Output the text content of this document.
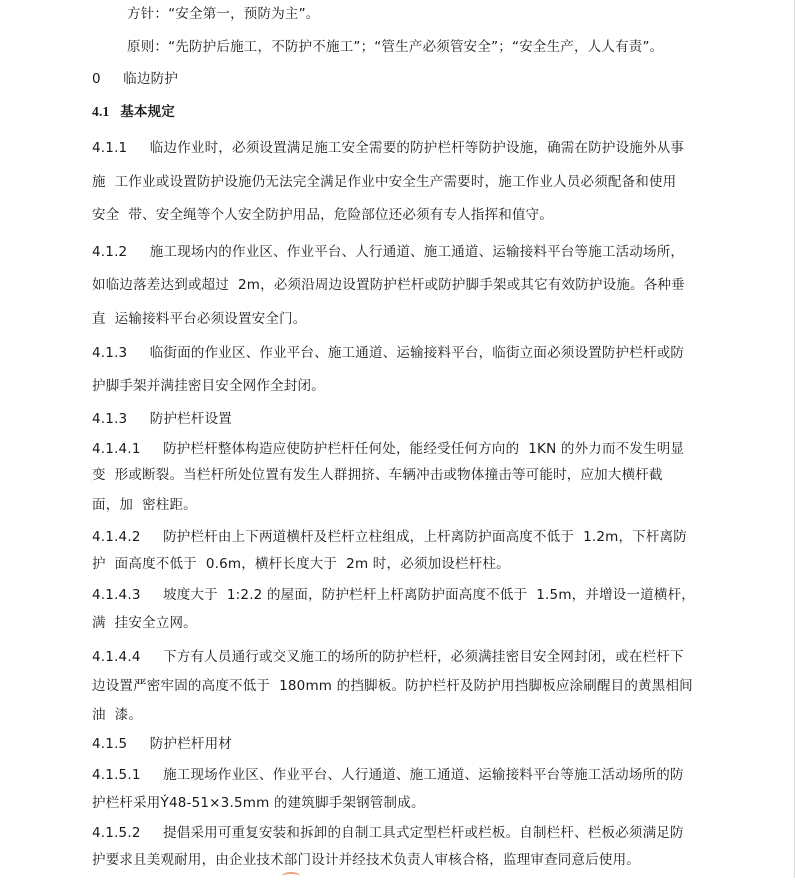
方针：“安全第一，预防为主”。
原则：“先防护后施工，不防护不施工”；“管生产必须管安全”；“安全生产，人人有责”。
0     临边防护
4.1   基本规定
4.1.1     临边作业时，必须设置满足施工安全需要的防护栏杆等防护设施，确需在防护设施外从事
施  工作业或设置防护设施仍无法完全满足作业中安全生产需要时，施工作业人员必须配备和使用
安全  带、安全绳等个人安全防护用品，危险部位还必须有专人指挥和值守。
4.1.2     施工现场内的作业区、作业平台、人行通道、施工通道、运输接料平台等施工活动场所，
如临边落差达到或超过  2m，必须沿周边设置防护栏杆或防护脚手架或其它有效防护设施。各种垂
直  运输接料平台必须设置安全门。
4.1.3     临街面的作业区、作业平台、施工通道、运输接料平台，临街立面必须设置防护栏杆或防
护脚手架并满挂密目安全网作全封闭。
4.1.3     防护栏杆设置
4.1.4.1     防护栏杆整体构造应使防护栏杆任何处，能经受任何方向的  1KN 的外力而不发生明显
变  形或断裂。当栏杆所处位置有发生人群拥挤、车辆冲击或物体撞击等可能时，应加大横杆截
面，加  密柱距。
4.1.4.2     防护栏杆由上下两道横杆及栏杆立柱组成，上杆离防护面高度不低于  1.2m，下杆离防
护  面高度不低于  0.6m，横杆长度大于  2m 时，必须加设栏杆柱。
4.1.4.3     坡度大于  1:2.2 的屋面，防护栏杆上杆离防护面高度不低于  1.5m，并增设一道横杆，
满  挂安全立网。
4.1.4.4     下方有人员通行或交叉施工的场所的防护栏杆，必须满挂密目安全网封闭，或在栏杆下
边设置严密牢固的高度不低于  180mm 的挡脚板。防护栏杆及防护用挡脚板应涂刷醒目的黄黑相间
油  漆。
4.1.5     防护栏杆用材
4.1.5.1     施工现场作业区、作业平台、人行通道、施工通道、运输接料平台等施工活动场所的防
护栏杆采用Ý48-51×3.5mm 的建筑脚手架钢管制成。
4.1.5.2     提倡采用可重复安装和拆卸的自制工具式定型栏杆或栏板。自制栏杆、栏板必须满足防
护要求且美观耐用，由企业技术部门设计并经技术负责人审核合格，监理审查同意后使用。
